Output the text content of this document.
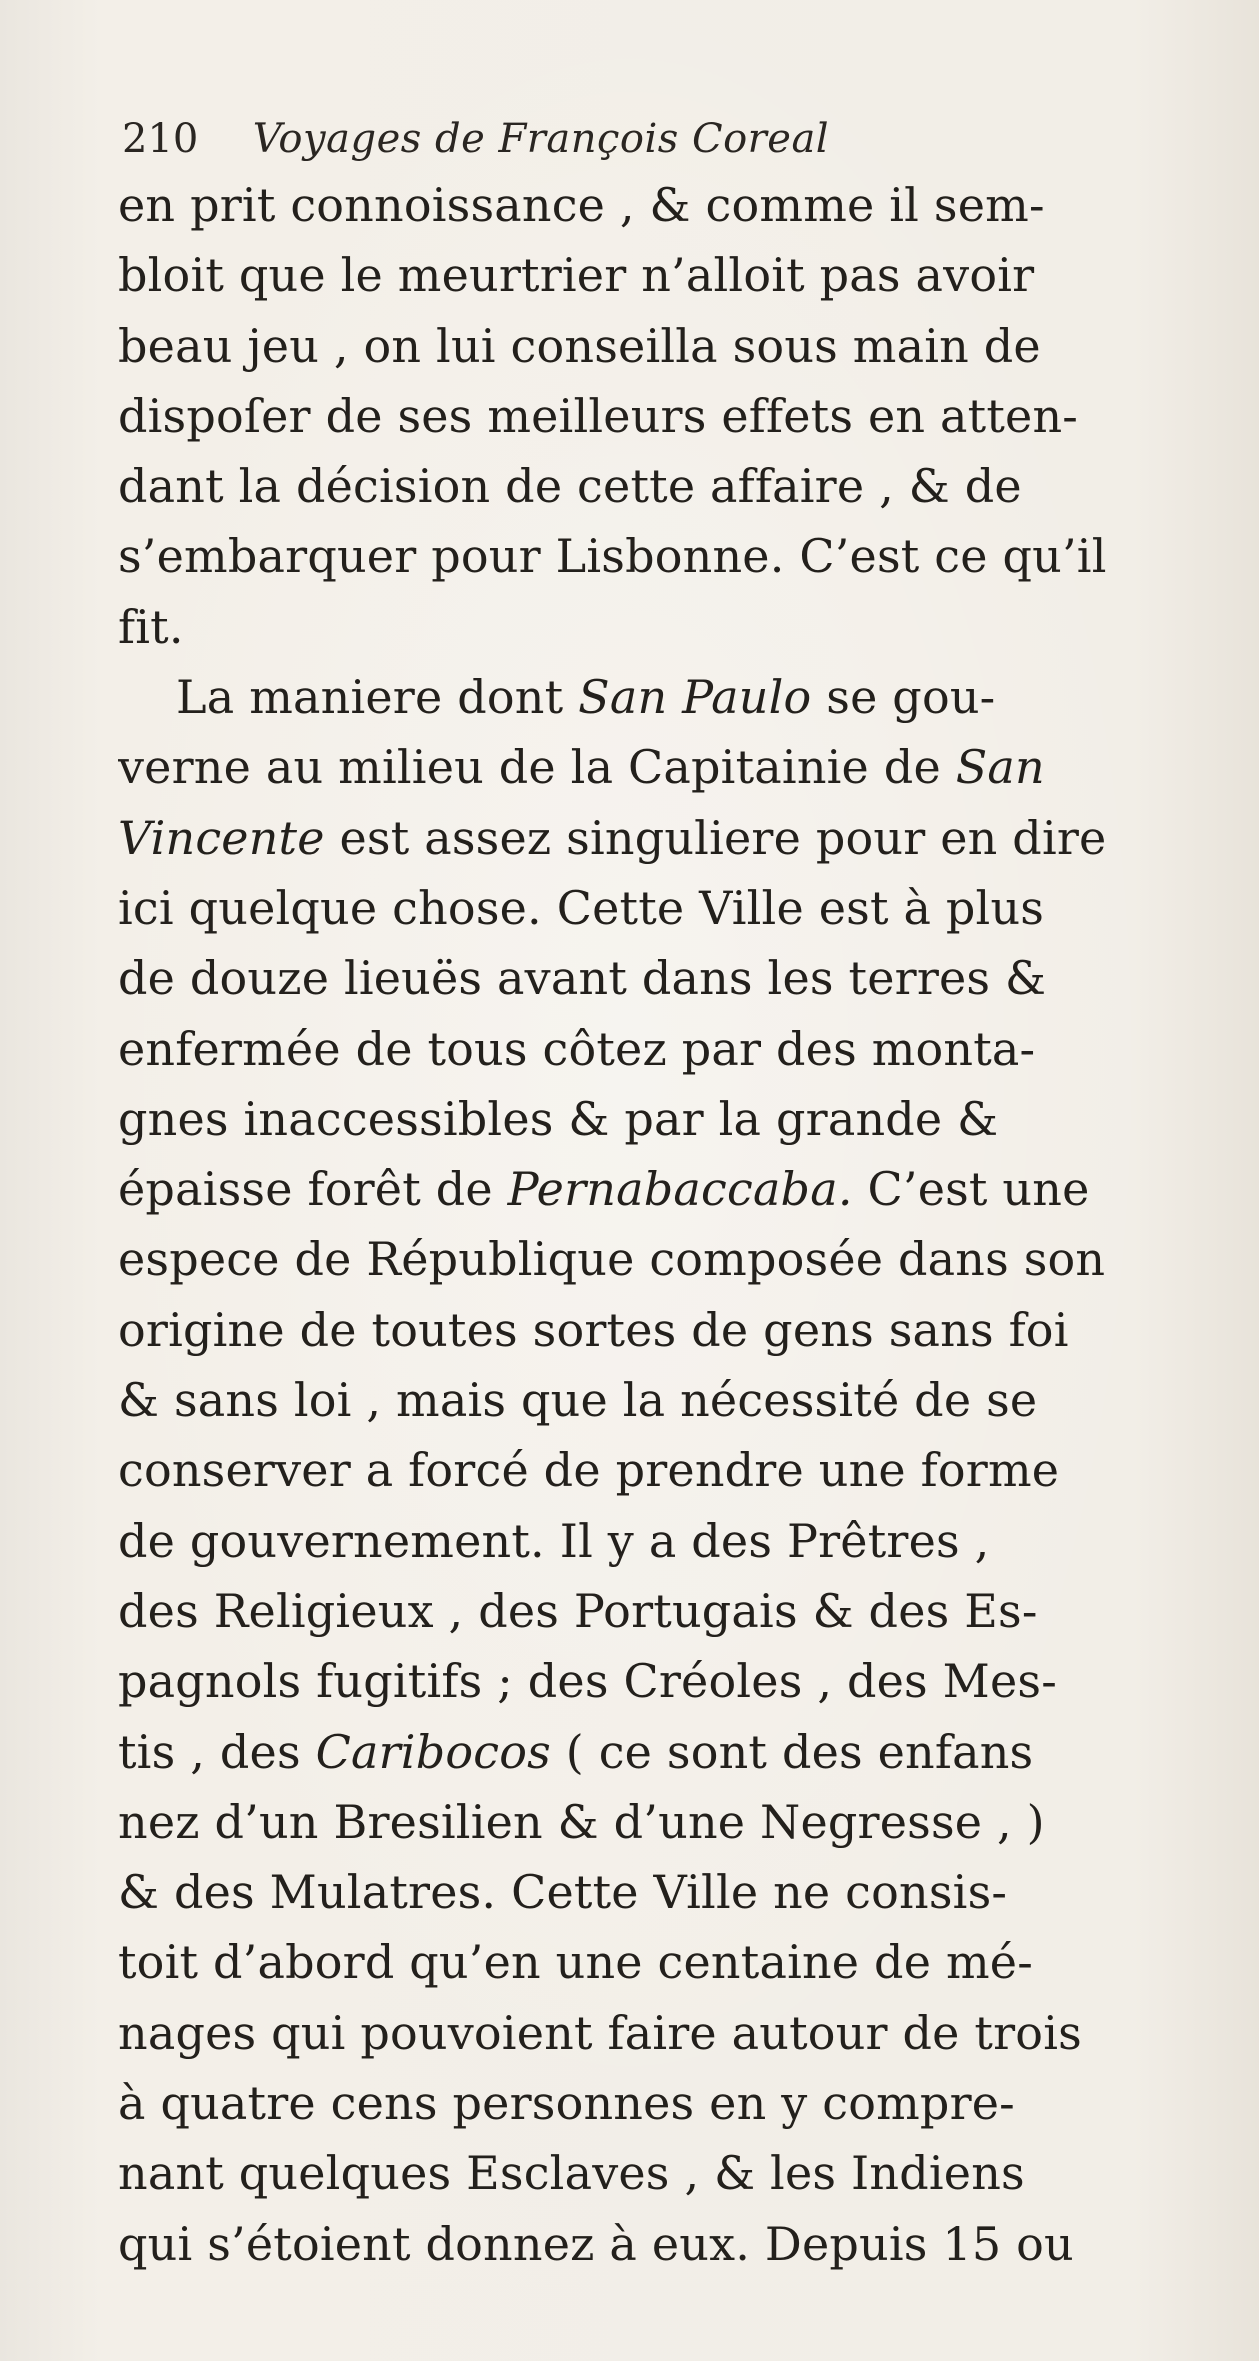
210 Voyages de François Coreal
en prit connoissance , & comme il sem-
bloit que le meurtrier n’alloit pas avoir
beau jeu , on lui conseilla sous main de
dispoſer de ses meilleurs effets en atten-
dant la décision de cette affaire , & de
s’embarquer pour Lisbonne. C’est ce qu’il
fit.
La maniere dont San Paulo se gou-
verne au milieu de la Capitainie de San
Vincente est assez singuliere pour en dire
ici quelque chose. Cette Ville est à plus
de douze lieuës avant dans les terres &
enfermée de tous côtez par des monta-
gnes inaccessibles & par la grande &
épaisse forêt de Pernabaccaba. C’est une
espece de République composée dans son
origine de toutes sortes de gens sans foi
& sans loi , mais que la nécessité de se
conserver a forcé de prendre une forme
de gouvernement. Il y a des Prêtres ,
des Religieux , des Portugais & des Es-
pagnols fugitifs ; des Créoles , des Mes-
tis , des Caribocos ( ce sont des enfans
nez d’un Bresilien & d’une Negresse , )
& des Mulatres. Cette Ville ne consis-
toit d’abord qu’en une centaine de mé-
nages qui pouvoient faire autour de trois
à quatre cens personnes en y compre-
nant quelques Esclaves , & les Indiens
qui s’étoient donnez à eux. Depuis 15 ou
